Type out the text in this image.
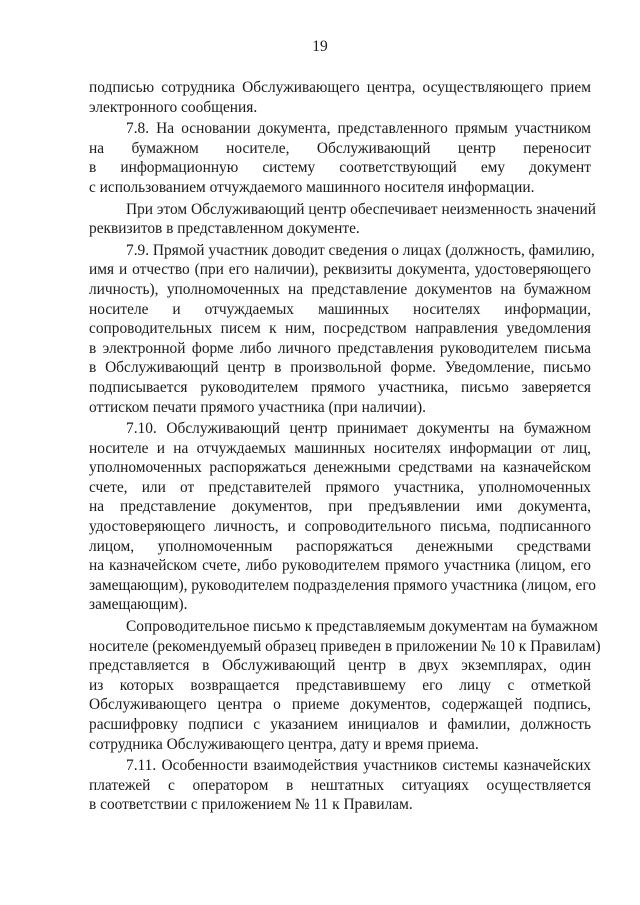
19
подписью сотрудника Обслуживающего центра, осуществляющего прием
электронного сообщения.
7.8. На основании документа, представленного прямым участником
на бумажном носителе, Обслуживающий центр переносит
в информационную систему соответствующий ему документ
с использованием отчуждаемого машинного носителя информации.
При этом Обслуживающий центр обеспечивает неизменность значений
реквизитов в представленном документе.
7.9. Прямой участник доводит сведения о лицах (должность, фамилию,
имя и отчество (при его наличии), реквизиты документа, удостоверяющего
личность), уполномоченных на представление документов на бумажном
носителе и отчуждаемых машинных носителях информации,
сопроводительных писем к ним, посредством направления уведомления
в электронной форме либо личного представления руководителем письма
в Обслуживающий центр в произвольной форме. Уведомление, письмо
подписывается руководителем прямого участника, письмо заверяется
оттиском печати прямого участника (при наличии).
7.10. Обслуживающий центр принимает документы на бумажном
носителе и на отчуждаемых машинных носителях информации от лиц,
уполномоченных распоряжаться денежными средствами на казначейском
счете, или от представителей прямого участника, уполномоченных
на представление документов, при предъявлении ими документа,
удостоверяющего личность, и сопроводительного письма, подписанного
лицом, уполномоченным распоряжаться денежными средствами
на казначейском счете, либо руководителем прямого участника (лицом, его
замещающим), руководителем подразделения прямого участника (лицом, его
замещающим).
Сопроводительное письмо к представляемым документам на бумажном
носителе (рекомендуемый образец приведен в приложении № 10 к Правилам)
представляется в Обслуживающий центр в двух экземплярах, один
из которых возвращается представившему его лицу с отметкой
Обслуживающего центра о приеме документов, содержащей подпись,
расшифровку подписи с указанием инициалов и фамилии, должность
сотрудника Обслуживающего центра, дату и время приема.
7.11. Особенности взаимодействия участников системы казначейских
платежей с оператором в нештатных ситуациях осуществляется
в соответствии с приложением № 11 к Правилам.
